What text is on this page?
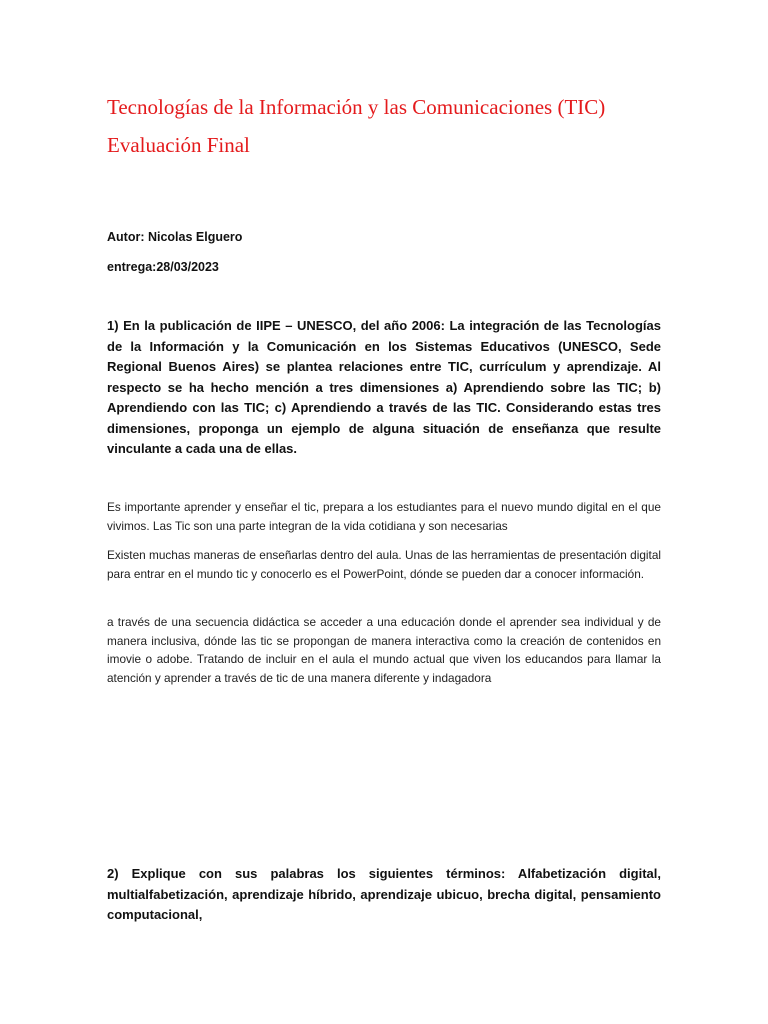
Tecnologías de la Información y las Comunicaciones (TIC)
Evaluación Final
Autor: Nicolas Elguero
entrega:28/03/2023
1) En la publicación de IIPE – UNESCO, del año 2006: La integración de las Tecnologías de la Información y la Comunicación en los Sistemas Educativos (UNESCO, Sede Regional Buenos Aires) se plantea relaciones entre TIC, currículum y aprendizaje. Al respecto se ha hecho mención a tres dimensiones a) Aprendiendo sobre las TIC; b) Aprendiendo con las TIC; c) Aprendiendo a través de las TIC. Considerando estas tres dimensiones, proponga un ejemplo de alguna situación de enseñanza que resulte vinculante a cada una de ellas.

Es importante aprender y enseñar el tic, prepara a los estudiantes para el nuevo mundo digital en el que vivimos. Las Tic son una parte integran de la vida cotidiana y son necesarias

Existen muchas maneras de enseñarlas dentro del aula. Unas de las herramientas de presentación digital para entrar en el mundo tic y conocerlo es el PowerPoint, dónde se pueden dar a conocer información.

a través de una secuencia didáctica se acceder a una educación donde el aprender sea individual y de manera inclusiva, dónde las tic se propongan de manera interactiva como la creación de contenidos en imovie o adobe. Tratando de incluir en el aula el mundo actual que viven los educandos para llamar la atención y aprender a través de tic de una manera diferente y indagadora

2) Explique con sus palabras los siguientes términos: Alfabetización digital, multialfabetización, aprendizaje híbrido, aprendizaje ubicuo, brecha digital, pensamiento computacional,
